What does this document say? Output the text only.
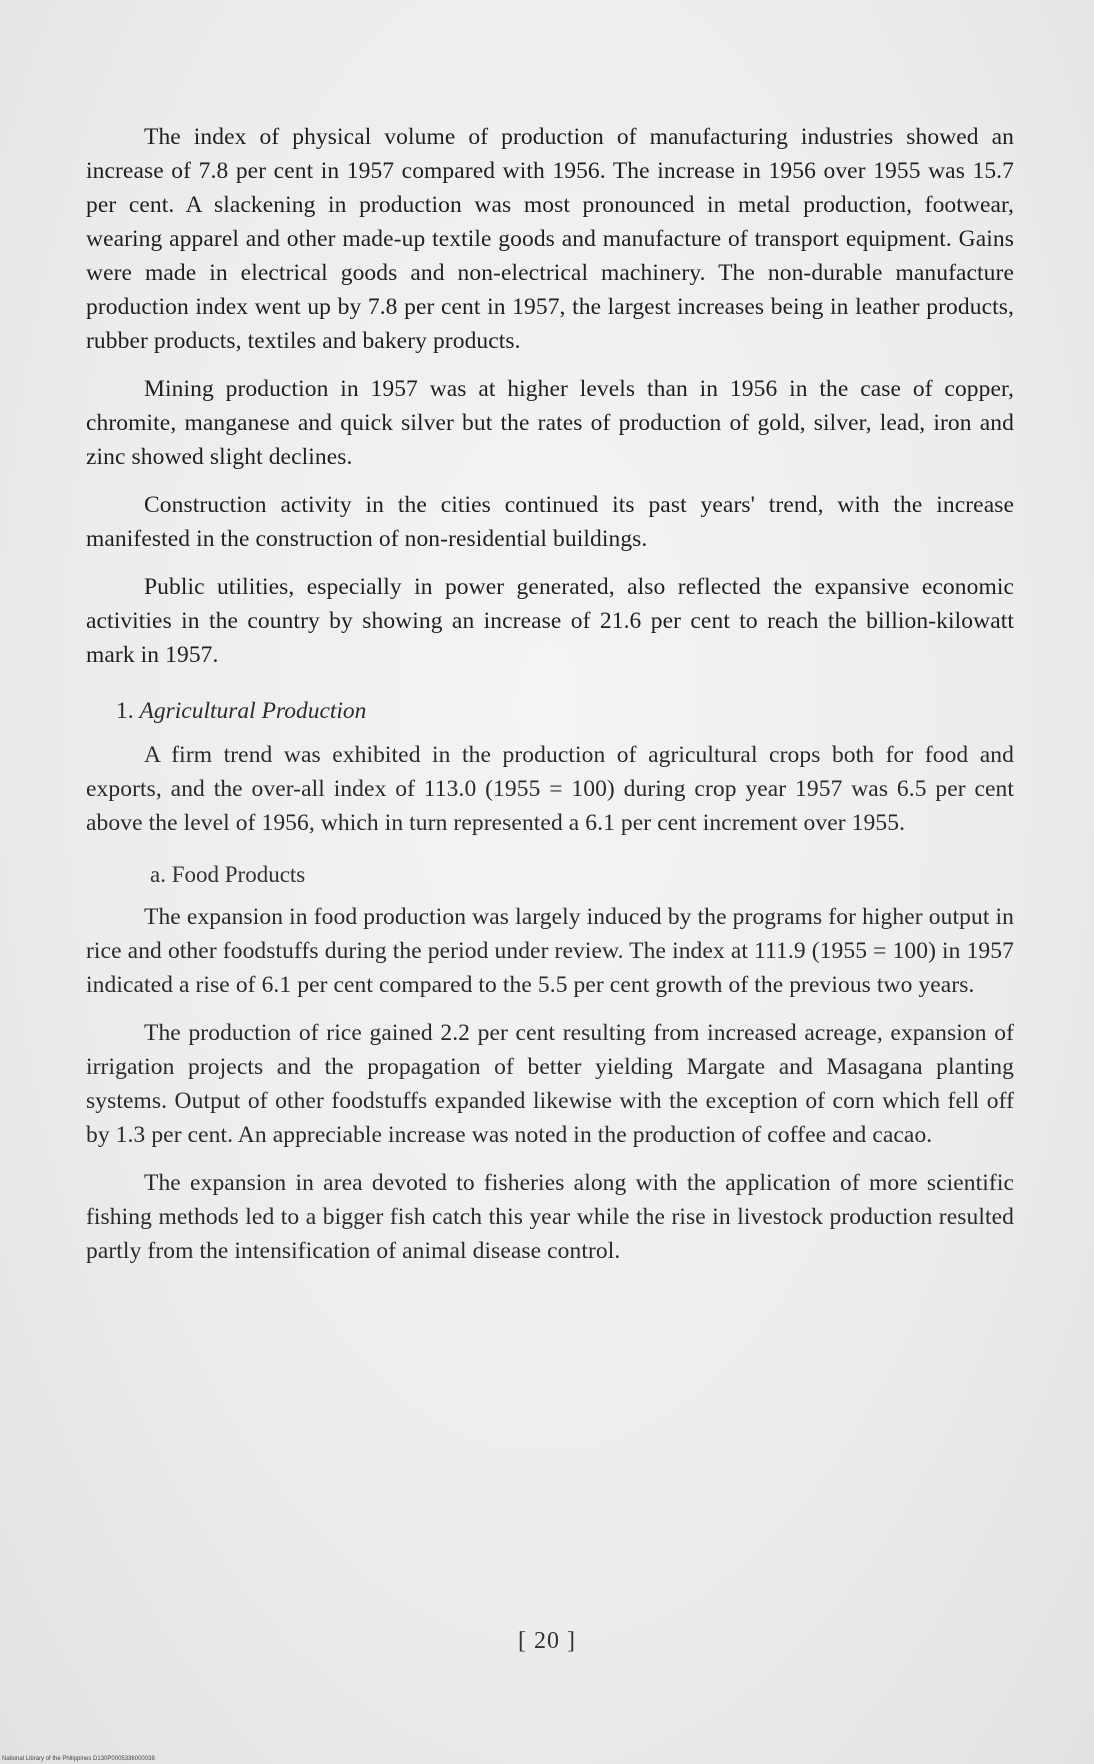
The index of physical volume of production of manufacturing industries showed an increase of 7.8 per cent in 1957 compared with 1956. The increase in 1956 over 1955 was 15.7 per cent. A slackening in production was most pronounced in metal production, footwear, wearing apparel and other made-up textile goods and manufacture of transport equipment. Gains were made in electrical goods and non-electrical machinery. The non-durable manufacture production index went up by 7.8 per cent in 1957, the largest increases being in leather products, rubber products, textiles and bakery products.

Mining production in 1957 was at higher levels than in 1956 in the case of copper, chromite, manganese and quick silver but the rates of production of gold, silver, lead, iron and zinc showed slight declines.

Construction activity in the cities continued its past years' trend, with the increase manifested in the construction of non-residential buildings.

Public utilities, especially in power generated, also reflected the expansive economic activities in the country by showing an increase of 21.6 per cent to reach the billion-kilowatt mark in 1957.

1. Agricultural Production

A firm trend was exhibited in the production of agricultural crops both for food and exports, and the over-all index of 113.0 (1955 = 100) during crop year 1957 was 6.5 per cent above the level of 1956, which in turn represented a 6.1 per cent increment over 1955.

a. Food Products

The expansion in food production was largely induced by the programs for higher output in rice and other foodstuffs during the period under review. The index at 111.9 (1955 = 100) in 1957 indicated a rise of 6.1 per cent compared to the 5.5 per cent growth of the previous two years.

The production of rice gained 2.2 per cent resulting from increased acreage, expansion of irrigation projects and the propagation of better yielding Margate and Masagana planting systems. Output of other foodstuffs expanded likewise with the exception of corn which fell off by 1.3 per cent. An appreciable increase was noted in the production of coffee and cacao.

The expansion in area devoted to fisheries along with the application of more scientific fishing methods led to a bigger fish catch this year while the rise in livestock production resulted partly from the intensification of animal disease control.

[ 20 ]
National Library of the Philippines D130P0005336000038
